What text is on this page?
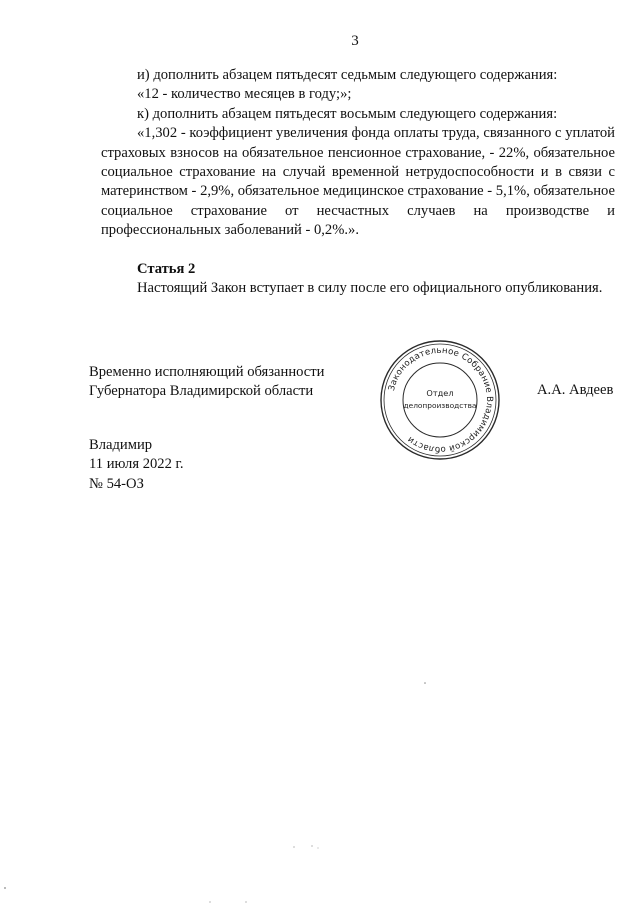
3

и) дополнить абзацем пятьдесят седьмым следующего содержания:

«12 - количество месяцев в году;»;

к) дополнить абзацем пятьдесят восьмым следующего содержания:

«1,302 - коэффициент увеличения фонда оплаты труда, связанного с уплатой страховых взносов на обязательное пенсионное страхование, - 22%, обязательное социальное страхование на случай временной нетрудоспособности и в связи с материнством - 2,9%, обязательное медицинское страхование - 5,1%, обязательное социальное страхование от несчастных случаев на производстве и профессиональных заболеваний - 0,2%.».

Статья 2

Настоящий Закон вступает в силу после его официального опубликования.

Временно исполняющий обязанности
Губернатора Владимирской области	Законодательное Собрание Владимирской области
Отдел
делопроизводства
А.А. Авдеев
Владимир
11 июля 2022 г.
№ 54-ОЗ
